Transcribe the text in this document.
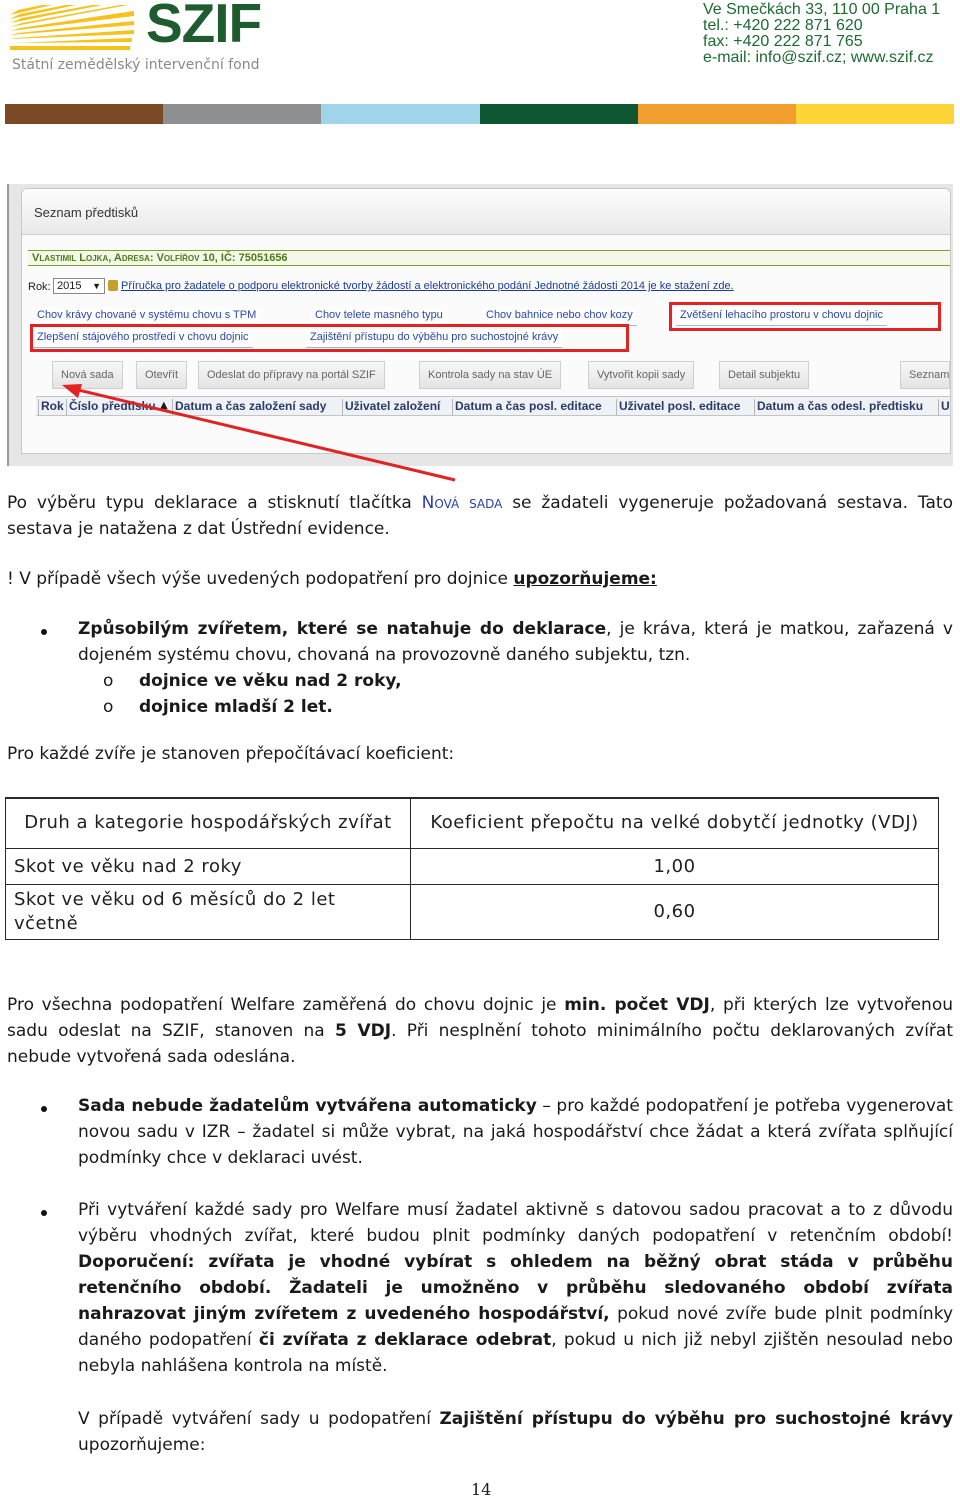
SZIF
Státní zemědělský intervenční fond
Ve Smečkách 33, 110 00 Praha 1
tel.: +420 222 871 620
fax: +420 222 871 765
e-mail: info@szif.cz; www.szif.cz
Seznam předtisků
Vlastimil Lojka, Adresa: Volfířov 10, IČ: 75051656
Rok: 2015 ▼ Příručka pro žadatele o podporu elektronické tvorby žádostí a elektronického podání Jednotné žádosti 2014 je ke stažení zde.
Chov krávy chované v systému chovu s TPM	Chov telete masného typu	Chov bahnice nebo chov kozy	Zvětšení lehacího prostoru v chovu dojnic
Zlepšení stájového prostředí v chovu dojnic	Zajištění přístupu do výběhu pro suchostojné krávy
Nová sada	Otevřít	Odeslat do přípravy na portál SZIF	Kontrola sady na stav ÚE	Vytvořit kopii sady	Detail subjektu	Seznam
Rok Číslo předtisku ▲ Datum a čas založení sady	Uživatel založení	Datum a čas posl. editace	Uživatel posl. editace	Datum a čas odesl. předtisku	U
Po výběru typu deklarace a stisknutí tlačítka Nová sada se žadateli vygeneruje požadovaná sestava. Tato sestava je natažena z dat Ústřední evidence.
! V případě všech výše uvedených podopatření pro dojnice upozorňujeme:
Způsobilým zvířetem, které se natahuje do deklarace, je kráva, která je matkou, zařazená v dojeném systému chovu, chovaná na provozovně daného subjektu, tzn.
o dojnice ve věku nad 2 roky,
o dojnice mladší 2 let.
Pro každé zvíře je stanoven přepočítávací koeficient:
Druh a kategorie hospodářských zvířat	Koeficient přepočtu na velké dobytčí jednotky (VDJ)
Skot ve věku nad 2 roky	1,00
Skot ve věku od 6 měsíců do 2 let včetně	0,60
Pro všechna podopatření Welfare zaměřená do chovu dojnic je min. počet VDJ, při kterých lze vytvořenou sadu odeslat na SZIF, stanoven na 5 VDJ. Při nesplnění tohoto minimálního počtu deklarovaných zvířat nebude vytvořená sada odeslána.
Sada nebude žadatelům vytvářena automaticky – pro každé podopatření je potřeba vygenerovat novou sadu v IZR – žadatel si může vybrat, na jaká hospodářství chce žádat a která zvířata splňující podmínky chce v deklaraci uvést.
Při vytváření každé sady pro Welfare musí žadatel aktivně s datovou sadou pracovat a to z důvodu výběru vhodných zvířat, které budou plnit podmínky daných podopatření v retenčním období! Doporučení: zvířata je vhodné vybírat s ohledem na běžný obrat stáda v průběhu retenčního období. Žadateli je umožněno v průběhu sledovaného období zvířata nahrazovat jiným zvířetem z uvedeného hospodářství, pokud nové zvíře bude plnit podmínky daného podopatření či zvířata z deklarace odebrat, pokud u nich již nebyl zjištěn nesoulad nebo nebyla nahlášena kontrola na místě.
V případě vytváření sady u podopatření Zajištění přístupu do výběhu pro suchostojné krávy upozorňujeme:
14
